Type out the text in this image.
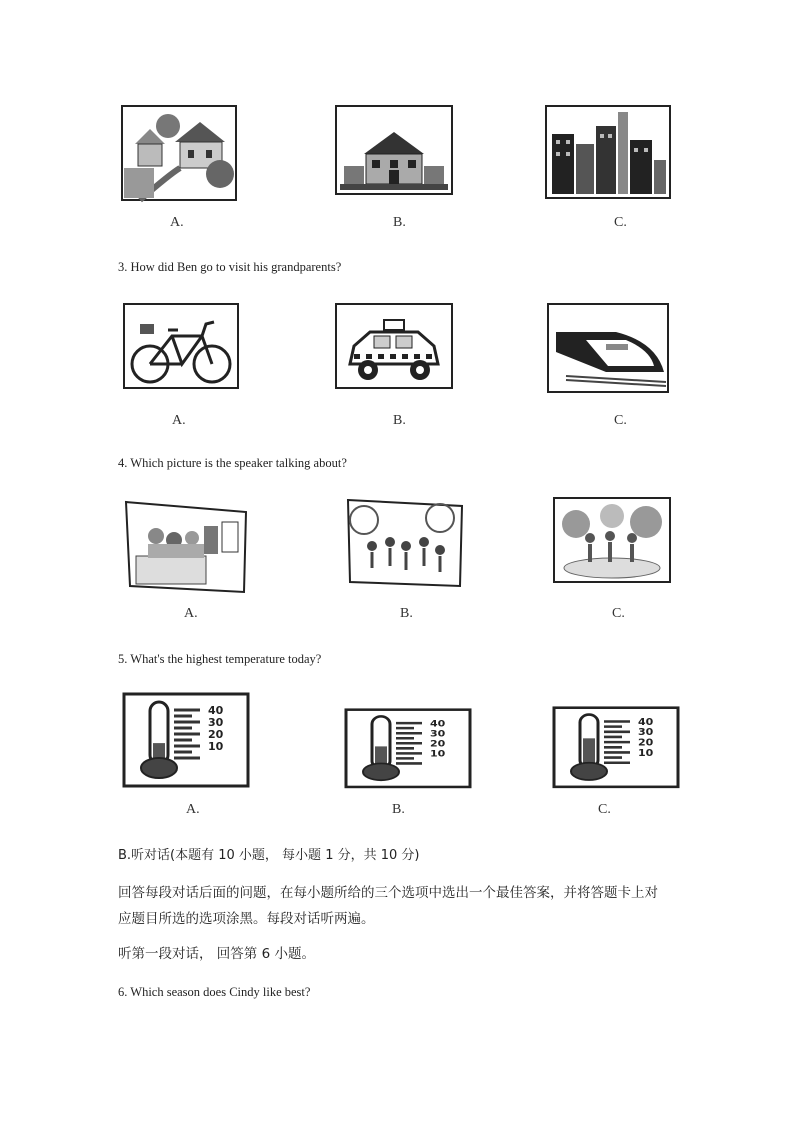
A.	B.	C.
3. How did Ben go to visit his grandparents?
A.	B.	C.
4. Which picture is the speaker talking about?
A.	B.	C.
5. What's the highest temperature today?
40
30
20
10
40
30
20
10
40
30
20
10
A.	B.	C.
B.听对话(本题有 10 小题， 每小题 1 分，共 10 分)
回答每段对话后面的问题，在每小题所给的三个选项中选出一个最佳答案，并将答题卡上对
应题目所选的选项涂黑。每段对话听两遍。
听第一段对话， 回答第 6 小题。
6. Which season does Cindy like best?
